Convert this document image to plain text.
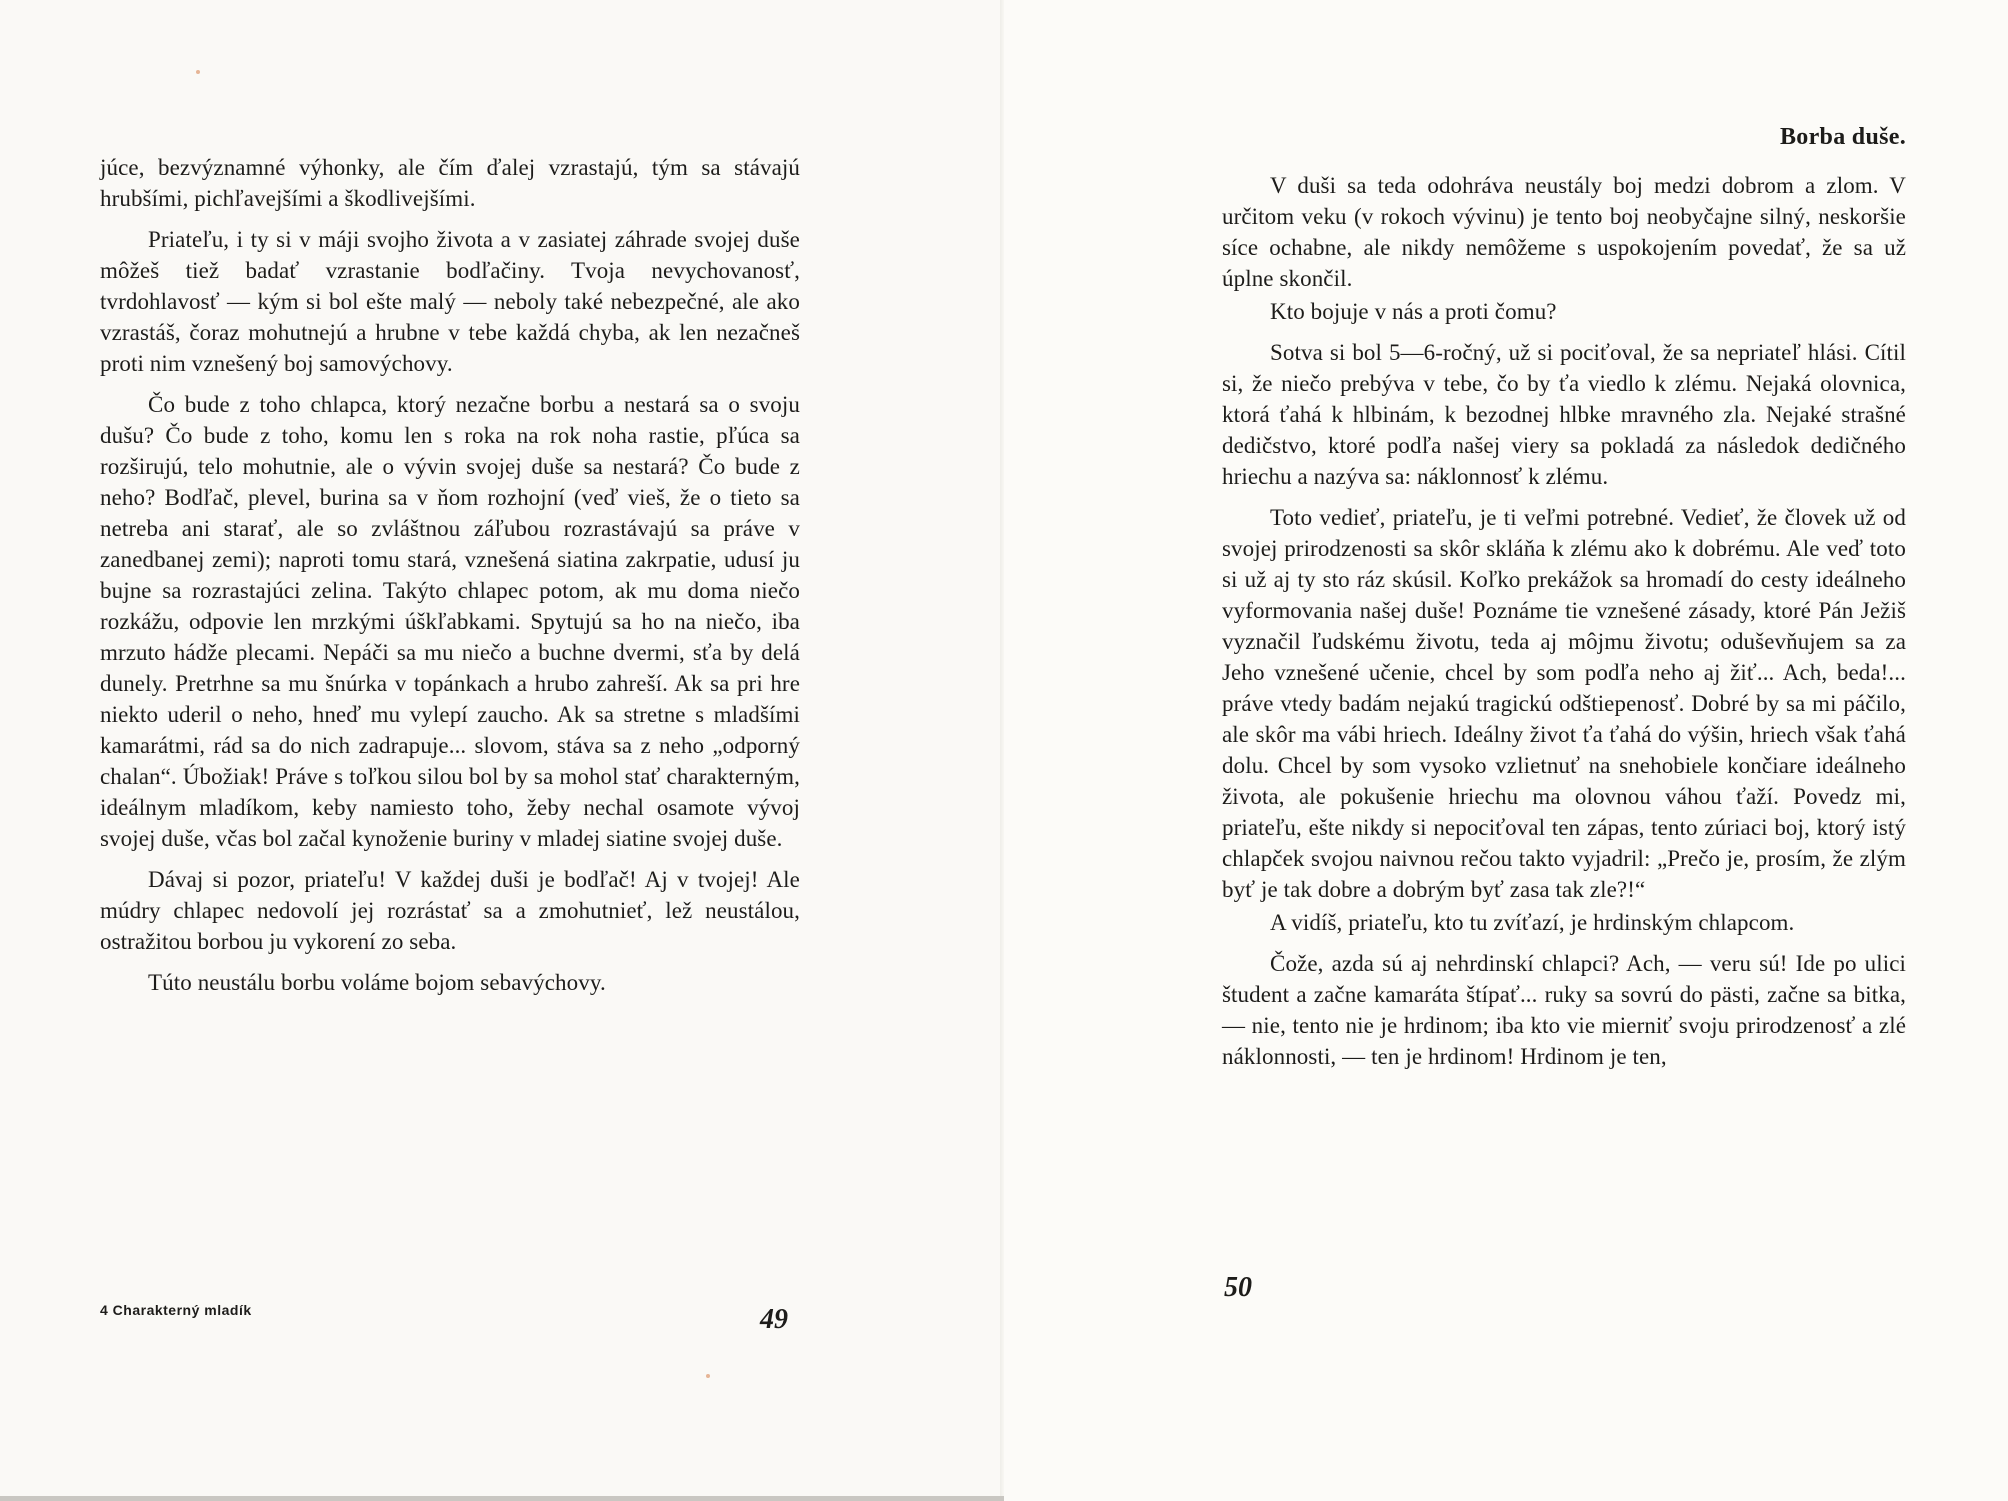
júce, bezvýznamné výhonky, ale čím ďalej vzrastajú, tým sa stávajú hrubšími, pichľavejšími a škodlivejšími.

Priateľu, i ty si v máji svojho života a v zasiatej záhrade svojej duše môžeš tiež badať vzrastanie bodľačiny. Tvoja nevychovanosť, tvrdohlavosť — kým si bol ešte malý — neboly také nebezpečné, ale ako vzrastáš, čoraz mohutnejú a hrubne v tebe každá chyba, ak len nezačneš proti nim vznešený boj samovýchovy.

Čo bude z toho chlapca, ktorý nezačne borbu a nestará sa o svoju dušu? Čo bude z toho, komu len s roka na rok noha rastie, pľúca sa rozširujú, telo mohutnie, ale o vývin svojej duše sa nestará? Čo bude z neho? Bodľač, plevel, burina sa v ňom rozhojní (veď vieš, že o tieto sa netreba ani starať, ale so zvláštnou záľubou rozrastávajú sa práve v zanedbanej zemi); naproti tomu stará, vznešená siatina zakrpatie, udusí ju bujne sa rozrastajúci zelina. Takýto chlapec potom, ak mu doma niečo rozkážu, odpovie len mrzkými úškľabkami. Spytujú sa ho na niečo, iba mrzuto hádže plecami. Nepáči sa mu niečo a buchne dvermi, sťa by delá dunely. Pretrhne sa mu šnúrka v topánkach a hrubo zahreší. Ak sa pri hre niekto uderil o neho, hneď mu vylepí zaucho. Ak sa stretne s mladšími kamarátmi, rád sa do nich zadrapuje... slovom, stáva sa z neho „odporný chalan“. Úbožiak! Práve s toľkou silou bol by sa mohol stať charakterným, ideálnym mladíkom, keby namiesto toho, žeby nechal osamote vývoj svojej duše, včas bol začal kynoženie buriny v mladej siatine svojej duše.

Dávaj si pozor, priateľu! V každej duši je bodľač! Aj v tvojej! Ale múdry chlapec nedovolí jej rozrástať sa a zmohutnieť, lež neustálou, ostražitou borbou ju vykorení zo seba.

Túto neustálu borbu voláme bojom sebavýchovy.

4 Charakterný mladík	49
Borba duše.

V duši sa teda odohráva neustály boj medzi dobrom a zlom. V určitom veku (v rokoch vývinu) je tento boj neobyčajne silný, neskoršie síce ochabne, ale nikdy nemôžeme s uspokojením povedať, že sa už úplne skončil.

Kto bojuje v nás a proti čomu?

Sotva si bol 5—6-ročný, už si pociťoval, že sa nepriateľ hlási. Cítil si, že niečo prebýva v tebe, čo by ťa viedlo k zlému. Nejaká olovnica, ktorá ťahá k hlbinám, k bezodnej hlbke mravného zla. Nejaké strašné dedičstvo, ktoré podľa našej viery sa pokladá za následok dedičného hriechu a nazýva sa: náklonnosť k zlému.

Toto vedieť, priateľu, je ti veľmi potrebné. Vedieť, že človek už od svojej prirodzenosti sa skôr skláňa k zlému ako k dobrému. Ale veď toto si už aj ty sto ráz skúsil. Koľko prekážok sa hromadí do cesty ideálneho vyformovania našej duše! Poznáme tie vznešené zásady, ktoré Pán Ježiš vyznačil ľudskému životu, teda aj môjmu životu; oduševňujem sa za Jeho vznešené učenie, chcel by som podľa neho aj žiť... Ach, beda!... práve vtedy badám nejakú tragickú odštiepenosť. Dobré by sa mi páčilo, ale skôr ma vábi hriech. Ideálny život ťa ťahá do výšin, hriech však ťahá dolu. Chcel by som vysoko vzlietnuť na snehobiele končiare ideálneho života, ale pokušenie hriechu ma olovnou váhou ťaží. Povedz mi, priateľu, ešte nikdy si nepociťoval ten zápas, tento zúriaci boj, ktorý istý chlapček svojou naivnou rečou takto vyjadril: „Prečo je, prosím, že zlým byť je tak dobre a dobrým byť zasa tak zle?!“

A vidíš, priateľu, kto tu zvíťazí, je hrdinským chlapcom.

Čože, azda sú aj nehrdinskí chlapci? Ach, — veru sú! Ide po ulici študent a začne kamaráta štípať... ruky sa sovrú do pästi, začne sa bitka, — nie, tento nie je hrdinom; iba kto vie mierniť svoju prirodzenosť a zlé náklonnosti, — ten je hrdinom! Hrdinom je ten,

50
